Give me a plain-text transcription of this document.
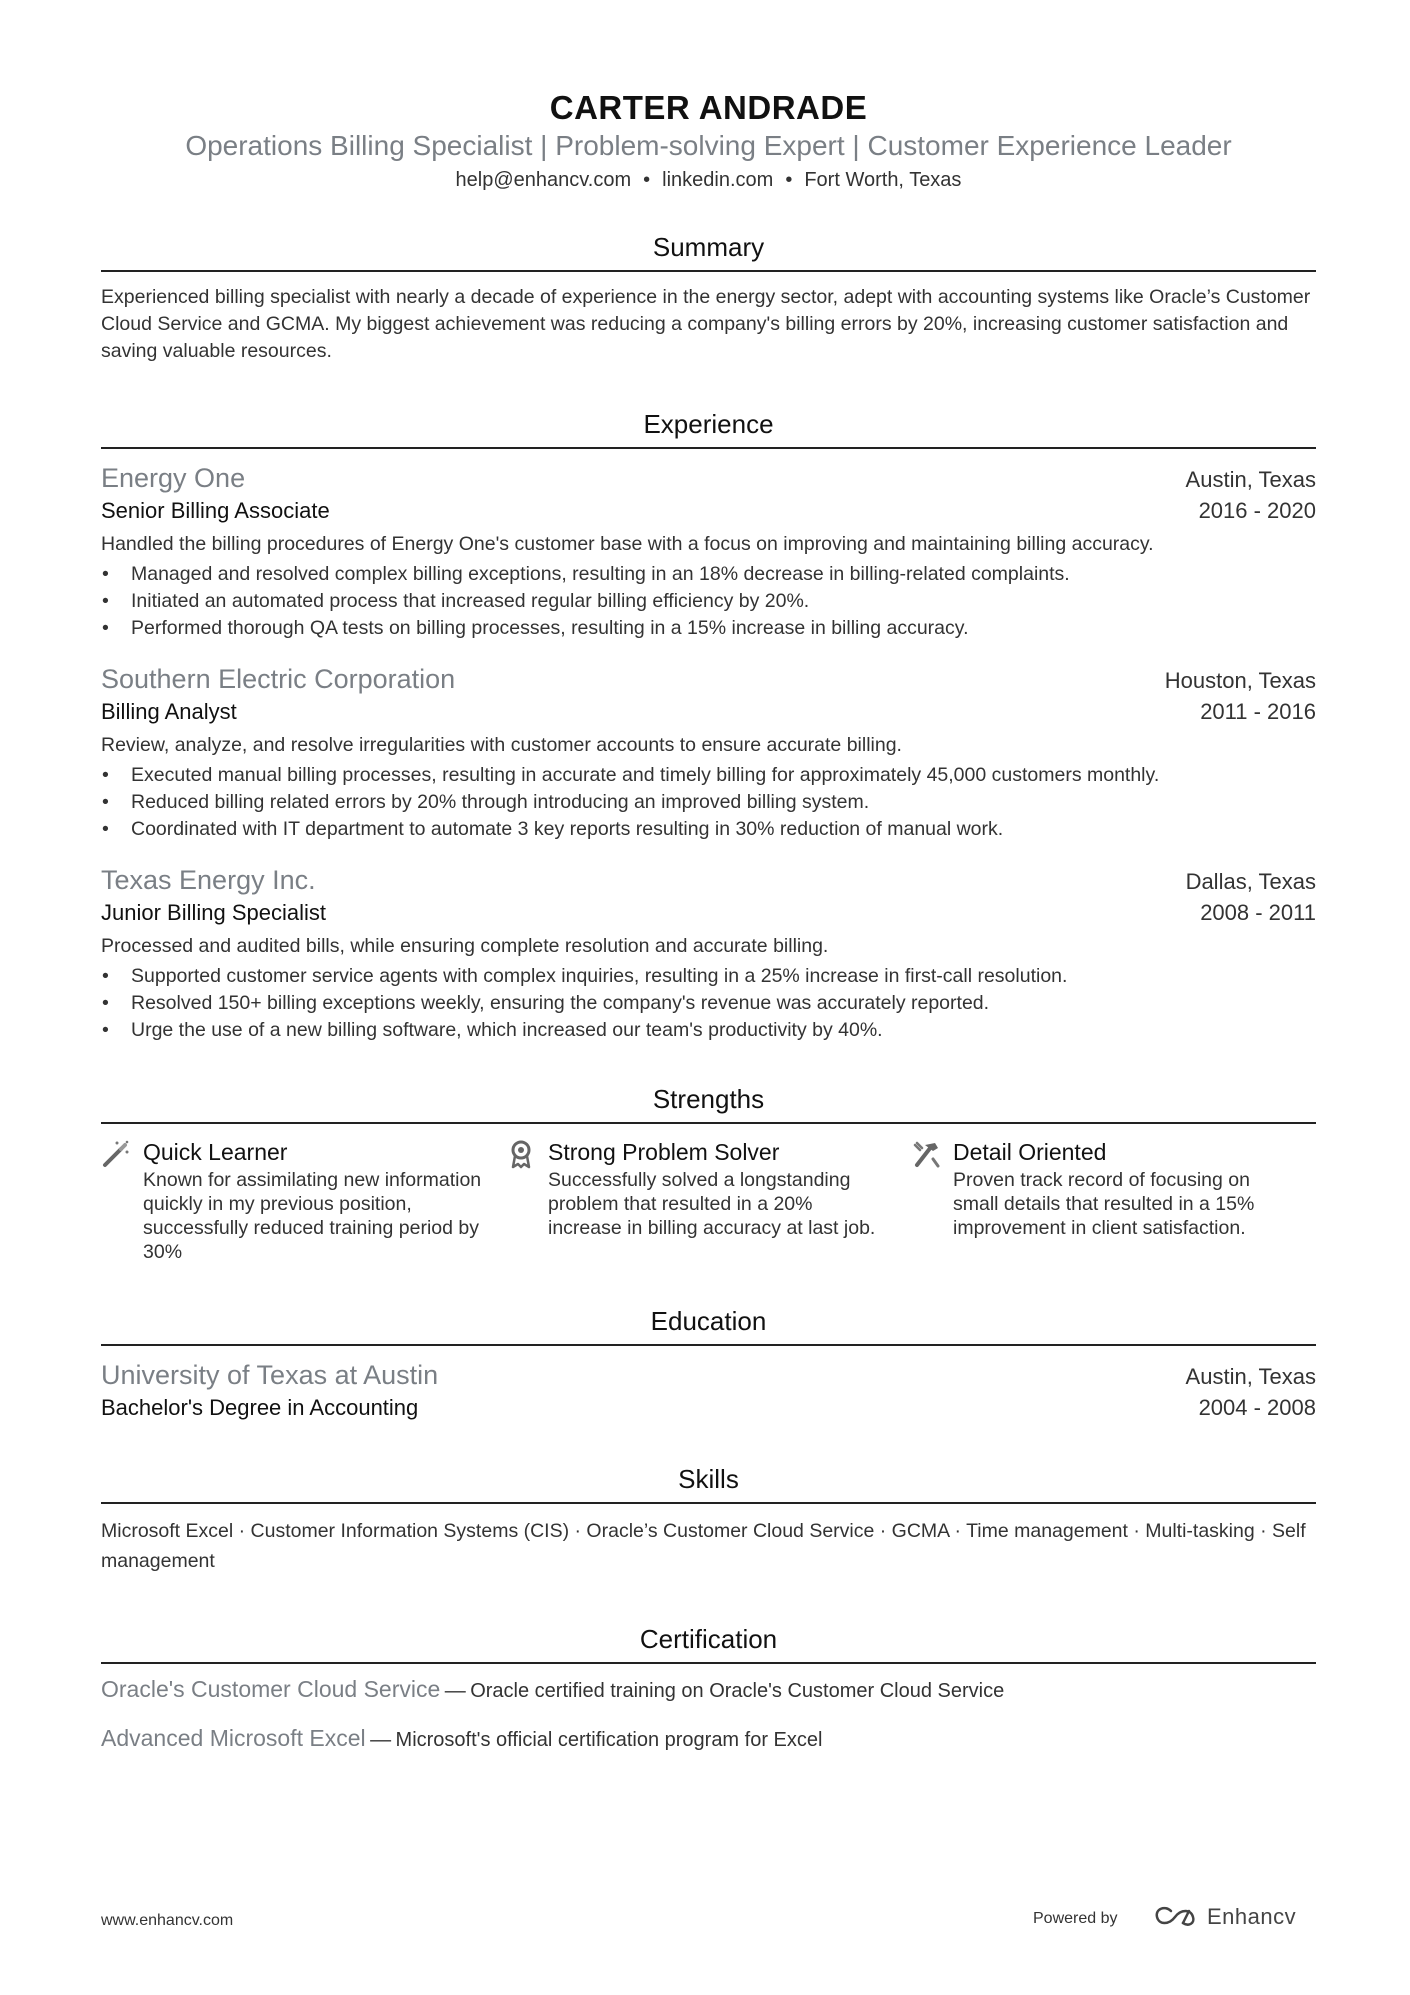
CARTER ANDRADE
Operations Billing Specialist | Problem-solving Expert | Customer Experience Leader
help@enhancv.com • linkedin.com • Fort Worth, Texas
Summary
Experienced billing specialist with nearly a decade of experience in the energy sector, adept with accounting systems like Oracle’s Customer Cloud Service and GCMA. My biggest achievement was reducing a company's billing errors by 20%, increasing customer satisfaction and saving valuable resources.
Experience
Energy One	Austin, Texas
Senior Billing Associate	2016 - 2020
Handled the billing procedures of Energy One's customer base with a focus on improving and maintaining billing accuracy.
• Managed and resolved complex billing exceptions, resulting in an 18% decrease in billing-related complaints.
• Initiated an automated process that increased regular billing efficiency by 20%.
• Performed thorough QA tests on billing processes, resulting in a 15% increase in billing accuracy.
Southern Electric Corporation	Houston, Texas
Billing Analyst	2011 - 2016
Review, analyze, and resolve irregularities with customer accounts to ensure accurate billing.
• Executed manual billing processes, resulting in accurate and timely billing for approximately 45,000 customers monthly.
• Reduced billing related errors by 20% through introducing an improved billing system.
• Coordinated with IT department to automate 3 key reports resulting in 30% reduction of manual work.
Texas Energy Inc.	Dallas, Texas
Junior Billing Specialist	2008 - 2011
Processed and audited bills, while ensuring complete resolution and accurate billing.
• Supported customer service agents with complex inquiries, resulting in a 25% increase in first-call resolution.
• Resolved 150+ billing exceptions weekly, ensuring the company's revenue was accurately reported.
• Urge the use of a new billing software, which increased our team's productivity by 40%.
Strengths
Quick Learner
Known for assimilating new information quickly in my previous position, successfully reduced training period by 30%
Strong Problem Solver
Successfully solved a longstanding problem that resulted in a 20% increase in billing accuracy at last job.
Detail Oriented
Proven track record of focusing on small details that resulted in a 15% improvement in client satisfaction.
Education
University of Texas at Austin	Austin, Texas
Bachelor's Degree in Accounting	2004 - 2008
Skills
Microsoft Excel · Customer Information Systems (CIS) · Oracle’s Customer Cloud Service · GCMA · Time management · Multi-tasking · Self management
Certification
Oracle's Customer Cloud Service — Oracle certified training on Oracle's Customer Cloud Service
Advanced Microsoft Excel — Microsoft's official certification program for Excel
www.enhancv.com	Powered by	Enhancv
